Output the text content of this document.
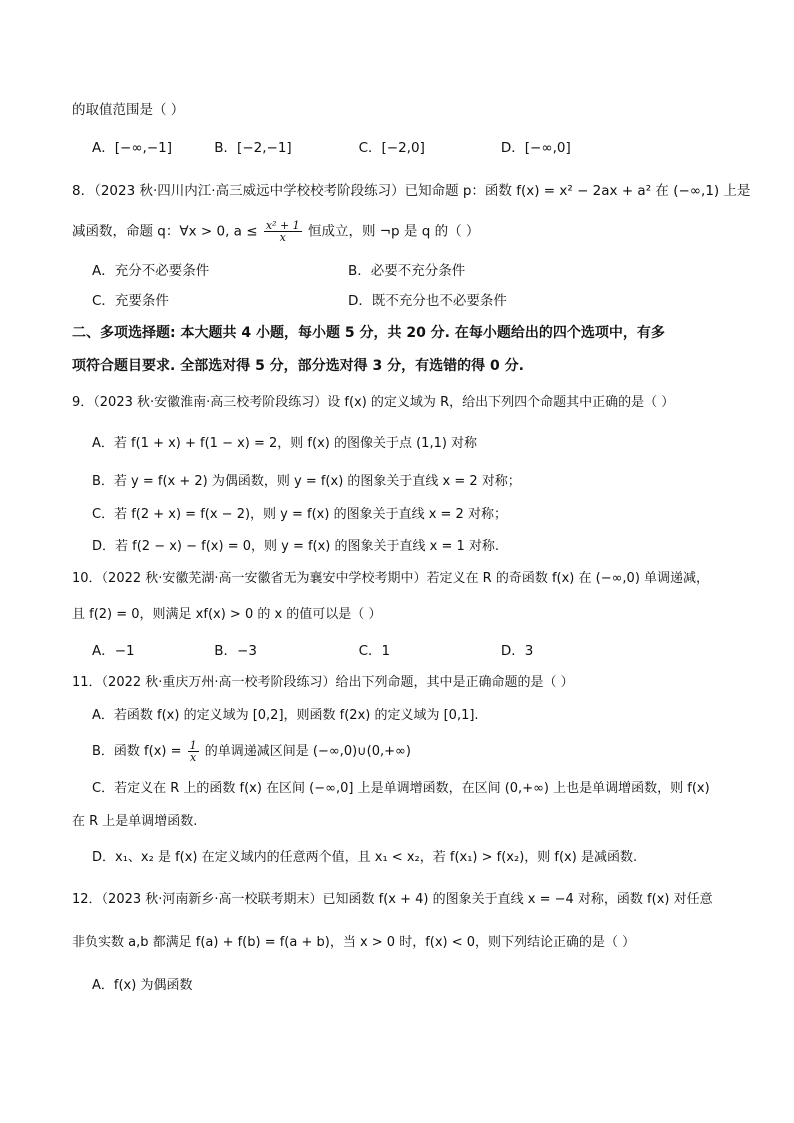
的取值范围是（ ）
A．[−∞,−1]	B．[−2,−1]	C．[−2,0]	D．[−∞,0]
8．（2023 秋·四川内江·高三威远中学校校考阶段练习）已知命题 p：函数 f(x) = x² − 2ax + a² 在 (−∞,1) 上是
减函数，命题 q：∀x > 0, $a \le \frac{\text{x² + 1}}{x}$ 恒成立，则 ¬p 是 q 的（ ）
A．充分不必要条件	B．必要不充分条件
C．充要条件	D．既不充分也不必要条件
二、多项选择题: 本大题共 4 小题，每小题 5 分，共 20 分. 在每小题给出的四个选项中，有多
项符合题目要求. 全部选对得 5 分，部分选对得 3 分，有选错的得 0 分.
9．（2023 秋·安徽淮南·高三校考阶段练习）设 f(x) 的定义域为 R，给出下列四个命题其中正确的是（ ）
A．若 f(1 + x) + f(1 − x) = 2，则 f(x) 的图像关于点 (1,1) 对称
B．若 y = f(x + 2) 为偶函数，则 y = f(x) 的图象关于直线 x = 2 对称；
C．若 f(2 + x) = f(x − 2)，则 y = f(x) 的图象关于直线 x = 2 对称；
D．若 f(2 − x) − f(x) = 0，则 y = f(x) 的图象关于直线 x = 1 对称.
10．（2022 秋·安徽芜湖·高一安徽省无为襄安中学校考期中）若定义在 R 的奇函数 f(x) 在 (−∞,0) 单调递减，
且 f(2) = 0，则满足 xf(x) > 0 的 x 的值可以是（ ）
A．−1	B．−3	C．1	D．3
11．（2022 秋·重庆万州·高一校考阶段练习）给出下列命题，其中是正确命题的是（ ）
A．若函数 f(x) 的定义域为 [0,2]，则函数 f(2x) 的定义域为 [0,1].
B．函数 $f(x) = \frac{1}{x}$ 的单调递减区间是 (−∞,0)∪(0,+∞)
C．若定义在 R 上的函数 f(x) 在区间 (−∞,0] 上是单调增函数，在区间 (0,+∞) 上也是单调增函数，则 f(x)
在 R 上是单调增函数.
D．x₁、x₂ 是 f(x) 在定义域内的任意两个值，且 x₁ < x₂，若 f(x₁) > f(x₂)，则 f(x) 是减函数.
12．（2023 秋·河南新乡·高一校联考期末）已知函数 f(x + 4) 的图象关于直线 x = −4 对称，函数 f(x) 对任意
非负实数 a,b 都满足 f(a) + f(b) = f(a + b)，当 x > 0 时，f(x) < 0，则下列结论正确的是（ ）
A．f(x) 为偶函数
